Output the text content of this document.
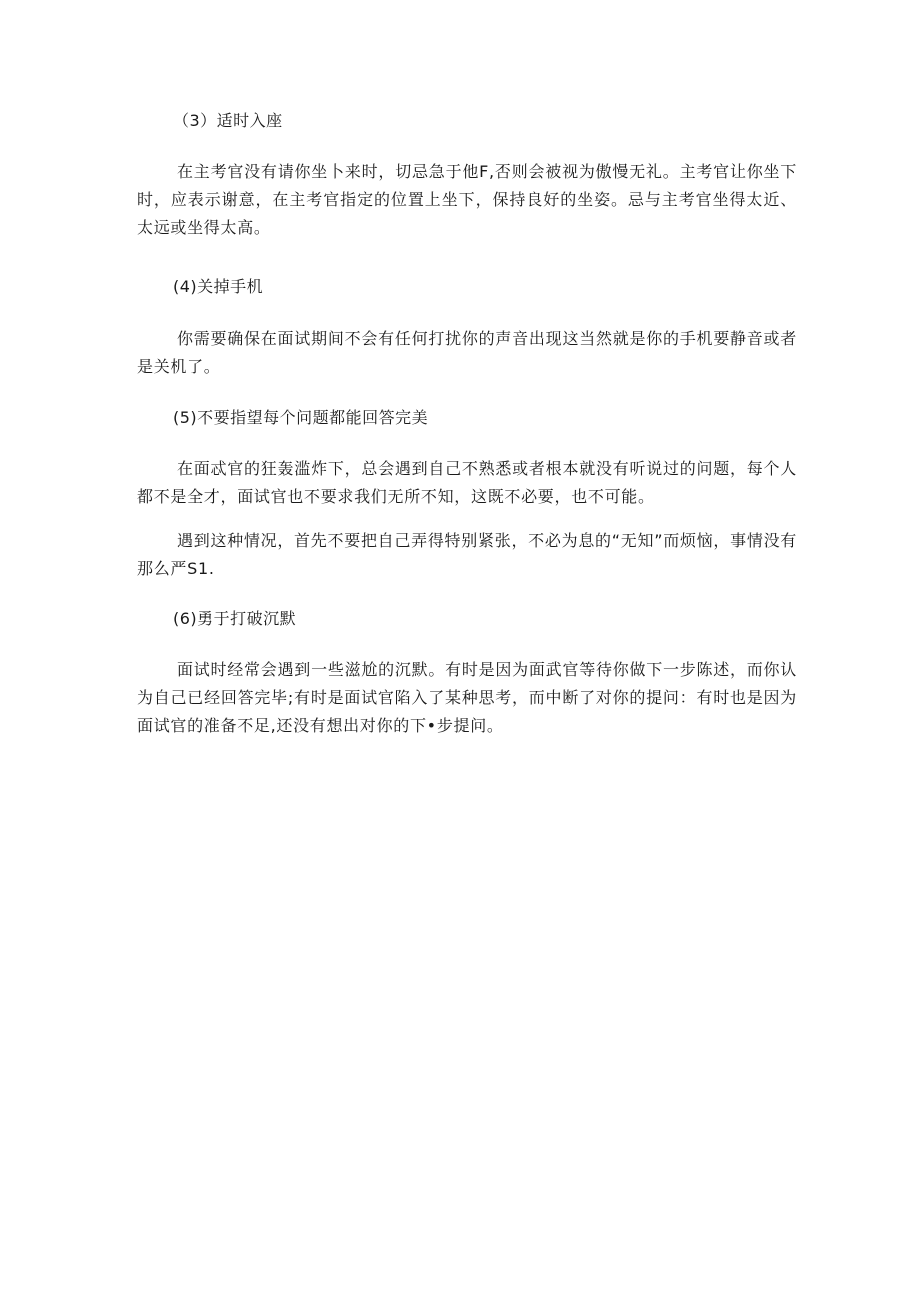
（3）适时入座

在主考官没有请你坐卜来时，切忌急于他F,否则会被视为傲慢无礼。主考官让你坐下时，应表示谢意，在主考官指定的位置上坐下，保持良好的坐姿。忌与主考官坐得太近、太远或坐得太高。

(4)关掉手机

你需要确保在面试期间不会有任何打扰你的声音出现这当然就是你的手机要静音或者是关机了。

(5)不要指望每个问题都能回答完美

在面忒官的狂轰滥炸下，总会遇到自己不熟悉或者根本就没有听说过的问题，每个人都不是全才，面试官也不要求我们无所不知，这既不必要，也不可能。

遇到这种情况，首先不要把自己弄得特别紧张，不必为息的“无知”而烦恼，事情没有那么严S1.

(6)勇于打破沉默

面试时经常会遇到一些滋尬的沉默。有时是因为面武官等待你做下一步陈述，而你认为自己已经回答完毕;有时是面试官陷入了某种思考，而中断了对你的提问：有时也是因为面试官的准备不足,还没有想出对你的下•步提问。
